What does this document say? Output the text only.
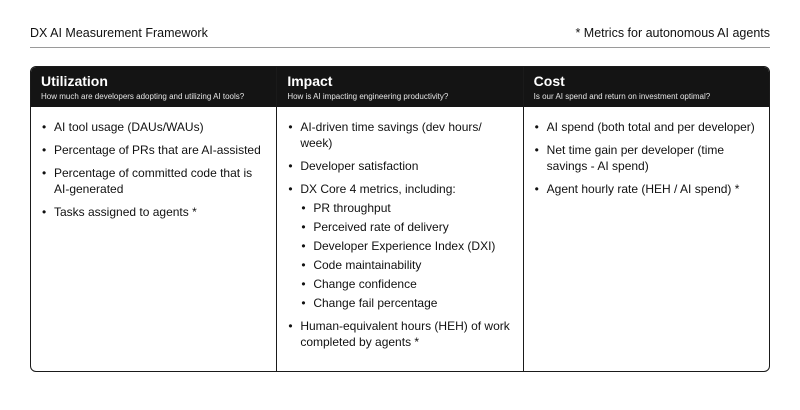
DX AI Measurement Framework	* Metrics for autonomous AI agents
Utilization
How much are developers adopting and utilizing AI tools?
• AI tool usage (DAUs/WAUs)
• Percentage of PRs that are AI-assisted
• Percentage of committed code that is AI-generated
• Tasks assigned to agents *
Impact
How is AI impacting engineering productivity?
• AI-driven time savings (dev hours/ week)
• Developer satisfaction
• DX Core 4 metrics, including:
• PR throughput
• Perceived rate of delivery
• Developer Experience Index (DXI)
• Code maintainability
• Change confidence
• Change fail percentage
• Human-equivalent hours (HEH) of work completed by agents *
Cost
Is our AI spend and return on investment optimal?
• AI spend (both total and per developer)
• Net time gain per developer (time savings - AI spend)
• Agent hourly rate (HEH / AI spend) *
